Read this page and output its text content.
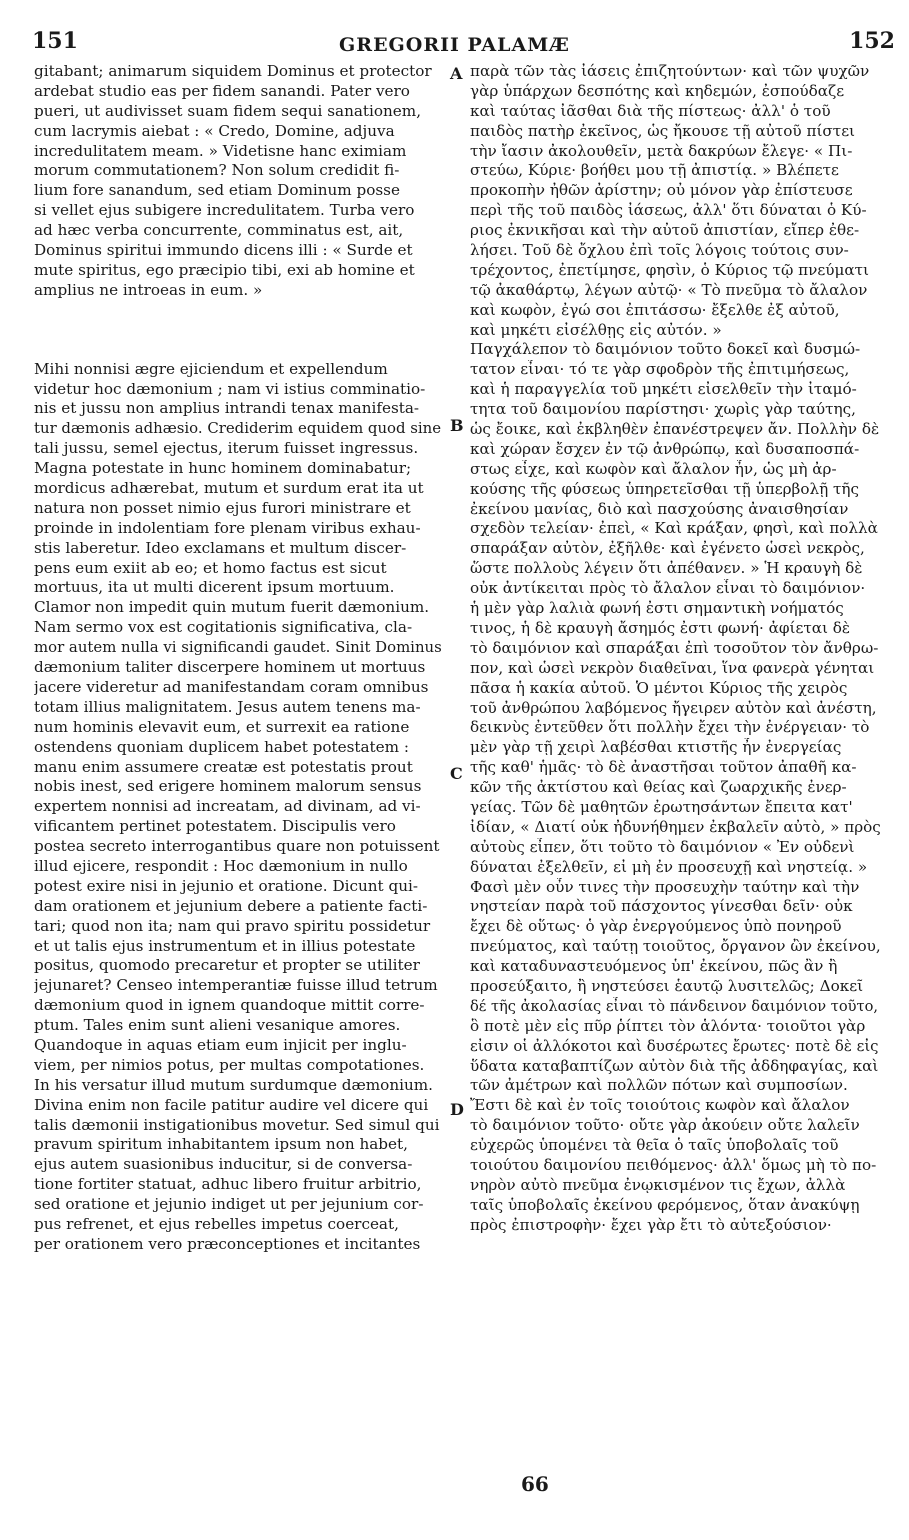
151	GREGORII PALAMÆ	152
gitabant; animarum siquidem Dominus et protector
ardebat studio eas per fidem sanandi. Pater vero
pueri, ut audivisset suam fidem sequi sanationem,
cum lacrymis aiebat : « Credo, Domine, adjuva
incredulitatem meam. » Videtisne hanc eximiam
morum commutationem? Non solum credidit fi-
lium fore sanandum, sed etiam Dominum posse
si vellet ejus subigere incredulitatem. Turba vero
ad hæc verba concurrente, comminatus est, ait,
Dominus spiritui immundo dicens illi : « Surde et
mute spiritus, ego præcipio tibi, exi ab homine et
amplius ne introeas in eum. »
Mihi nonnisi ægre ejiciendum et expellendum
videtur hoc dæmonium ; nam vi istius comminatio-
nis et jussu non amplius intrandi tenax manifesta-
tur dæmonis adhæsio. Crediderim equidem quod sine
tali jussu, semel ejectus, iterum fuisset ingressus.
Magna potestate in hunc hominem dominabatur;
mordicus adhærebat, mutum et surdum erat ita ut
natura non posset nimio ejus furori ministrare et
proinde in indolentiam fore plenam viribus exhau-
stis laberetur. Ideo exclamans et multum discer-
pens eum exiit ab eo; et homo factus est sicut
mortuus, ita ut multi dicerent ipsum mortuum.
Clamor non impedit quin mutum fuerit dæmonium.
Nam sermo vox est cogitationis significativa, cla-
mor autem nulla vi significandi gaudet. Sinit Dominus
dæmonium taliter discerpere hominem ut mortuus
jacere videretur ad manifestandam coram omnibus
totam illius malignitatem. Jesus autem tenens ma-
num hominis elevavit eum, et surrexit ea ratione
ostendens quoniam duplicem habet potestatem :
manu enim assumere creatæ est potestatis prout
nobis inest, sed erigere hominem malorum sensus
expertem nonnisi ad increatam, ad divinam, ad vi-
vificantem pertinet potestatem. Discipulis vero
postea secreto interrogantibus quare non potuissent
illud ejicere, respondit : Hoc dæmonium in nullo
potest exire nisi in jejunio et oratione. Dicunt qui-
dam orationem et jejunium debere a patiente facti-
tari; quod non ita; nam qui pravo spiritu possidetur
et ut talis ejus instrumentum et in illius potestate
positus, quomodo precaretur et propter se utiliter
jejunaret? Censeo intemperantiæ fuisse illud tetrum
dæmonium quod in ignem quandoque mittit corre-
ptum. Tales enim sunt alieni vesanique amores.
Quandoque in aquas etiam eum injicit per inglu-
viem, per nimios potus, per multas compotationes.
In his versatur illud mutum surdumque dæmonium.
Divina enim non facile patitur audire vel dicere qui
talis dæmonii instigationibus movetur. Sed simul qui
pravum spiritum inhabitantem ipsum non habet,
ejus autem suasionibus inducitur, si de conversa-
tione fortiter statuat, adhuc libero fruitur arbitrio,
sed oratione et jejunio indiget ut per jejunium cor-
pus refrenet, et ejus rebelles impetus coerceat,
per orationem vero præconceptiones et incitantes
A
B
C
D
παρὰ τῶν τὰς ἰάσεις ἐπιζητούντων· καὶ τῶν ψυχῶν
γὰρ ὑπάρχων δεσπότης καὶ κηδεμών, ἐσπούδαζε
καὶ ταύτας ἰᾶσθαι διὰ τῆς πίστεως· ἀλλ' ὁ τοῦ
παιδὸς πατὴρ ἐκεῖνος, ὡς ἤκουσε τῇ αὐτοῦ πίστει
τὴν ἴασιν ἀκολουθεῖν, μετὰ δακρύων ἔλεγε· « Πι-
στεύω, Κύριε· βοήθει μου τῇ ἀπιστίᾳ. » Βλέπετε
προκοπὴν ἠθῶν ἀρίστην; οὐ μόνον γὰρ ἐπίστευσε
περὶ τῆς τοῦ παιδὸς ἰάσεως, ἀλλ' ὅτι δύναται ὁ Κύ-
ριος ἐκνικῆσαι καὶ τὴν αὐτοῦ ἀπιστίαν, εἴπερ ἐθε-
λήσει. Τοῦ δὲ ὄχλου ἐπὶ τοῖς λόγοις τούτοις συν-
τρέχοντος, ἐπετίμησε, φησὶν, ὁ Κύριος τῷ πνεύματι
τῷ ἀκαθάρτῳ, λέγων αὐτῷ· « Τὸ πνεῦμα τὸ ἄλαλον
καὶ κωφὸν, ἐγώ σοι ἐπιτάσσω· ἔξελθε ἐξ αὐτοῦ,
καὶ μηκέτι εἰσέλθῃς εἰς αὐτόν. »
Παγχάλεπον τὸ δαιμόνιον τοῦτο δοκεῖ καὶ δυσμώ-
τατον εἶναι· τό τε γὰρ σφοδρὸν τῆς ἐπιτιμήσεως,
καὶ ἡ παραγγελία τοῦ μηκέτι εἰσελθεῖν τὴν ἰταμό-
τητα τοῦ δαιμονίου παρίστησι· χωρὶς γὰρ ταύτης,
ὡς ἔοικε, καὶ ἐκβληθὲν ἐπανέστρεψεν ἄν. Πολλὴν δὲ
καὶ χώραν ἔσχεν ἐν τῷ ἀνθρώπῳ, καὶ δυσαποσπά-
στως εἶχε, καὶ κωφὸν καὶ ἄλαλον ἦν, ὡς μὴ ἀρ-
κούσης τῆς φύσεως ὑπηρετεῖσθαι τῇ ὑπερβολῇ τῆς
ἐκείνου μανίας, διὸ καὶ πασχούσης ἀναισθησίαν
σχεδὸν τελείαν· ἐπεὶ, « Καὶ κράξαν, φησὶ, καὶ πολλὰ
σπαράξαν αὐτὸν, ἐξῆλθε· καὶ ἐγένετο ὡσεὶ νεκρὸς,
ὥστε πολλοὺς λέγειν ὅτι ἀπέθανεν. » Ἡ κραυγὴ δὲ
οὐκ ἀντίκειται πρὸς τὸ ἄλαλον εἶναι τὸ δαιμόνιον·
ἡ μὲν γὰρ λαλιὰ φωνή ἐστι σημαντικὴ νοήματός
τινος, ἡ δὲ κραυγὴ ἄσημός ἐστι φωνή· ἀφίεται δὲ
τὸ δαιμόνιον καὶ σπαράξαι ἐπὶ τοσοῦτον τὸν ἄνθρω-
πον, καὶ ὡσεὶ νεκρὸν διαθεῖναι, ἵνα φανερὰ γένηται
πᾶσα ἡ κακία αὐτοῦ. Ὁ μέντοι Κύριος τῆς χειρὸς
τοῦ ἀνθρώπου λαβόμενος ἤγειρεν αὐτὸν καὶ ἀνέστη,
δεικνὺς ἐντεῦθεν ὅτι πολλὴν ἔχει τὴν ἐνέργειαν· τὸ
μὲν γὰρ τῇ χειρὶ λαβέσθαι κτιστῆς ἦν ἐνεργείας
τῆς καθ' ἡμᾶς· τὸ δὲ ἀναστῆσαι τοῦτον ἀπαθῆ κα-
κῶν τῆς ἀκτίστου καὶ θείας καὶ ζωαρχικῆς ἐνερ-
γείας. Τῶν δὲ μαθητῶν ἐρωτησάντων ἔπειτα κατ'
ἰδίαν, « Διατί οὐκ ἠδυνήθημεν ἐκβαλεῖν αὐτὸ, » πρὸς
αὐτοὺς εἶπεν, ὅτι τοῦτο τὸ δαιμόνιον « Ἐν οὐδενὶ
δύναται ἐξελθεῖν, εἰ μὴ ἐν προσευχῇ καὶ νηστείᾳ. »
Φασὶ μὲν οὖν τινες τὴν προσευχὴν ταύτην καὶ τὴν
νηστείαν παρὰ τοῦ πάσχοντος γίνεσθαι δεῖν· οὐκ
ἔχει δὲ οὕτως· ὁ γὰρ ἐνεργούμενος ὑπὸ πονηροῦ
πνεύματος, καὶ ταύτῃ τοιοῦτος, ὄργανον ὢν ἐκείνου,
καὶ καταδυναστευόμενος ὑπ' ἐκείνου, πῶς ἂν ἢ
προσεύξαιτο, ἢ νηστεύσει ἑαυτῷ λυσιτελῶς; Δοκεῖ
δέ τῆς ἀκολασίας εἶναι τὸ πάνδεινον δαιμόνιον τοῦτο,
ὃ ποτὲ μὲν εἰς πῦρ ῥίπτει τὸν ἁλόντα· τοιοῦτοι γὰρ
εἰσιν οἱ ἀλλόκοτοι καὶ δυσέρωτες ἔρωτες· ποτὲ δὲ εἰς
ὕδατα καταβαπτίζων αὐτὸν διὰ τῆς ἀδδηφαγίας, καὶ
τῶν ἀμέτρων καὶ πολλῶν πότων καὶ συμποσίων.
Ἔστι δὲ καὶ ἐν τοῖς τοιούτοις κωφὸν καὶ ἄλαλον
τὸ δαιμόνιον τοῦτο· οὔτε γὰρ ἀκούειν οὔτε λαλεῖν
εὐχερῶς ὑπομένει τὰ θεῖα ὁ ταῖς ὑποβολαῖς τοῦ
τοιούτου δαιμονίου πειθόμενος· ἀλλ' ὅμως μὴ τὸ πο-
νηρὸν αὐτὸ πνεῦμα ἐνῳκισμένον τις ἔχων, ἀλλὰ
ταῖς ὑποβολαῖς ἐκείνου φερόμενος, ὅταν ἀνακύψῃ
πρὸς ἐπιστροφὴν· ἔχει γὰρ ἔτι τὸ αὐτεξούσιον·
66
